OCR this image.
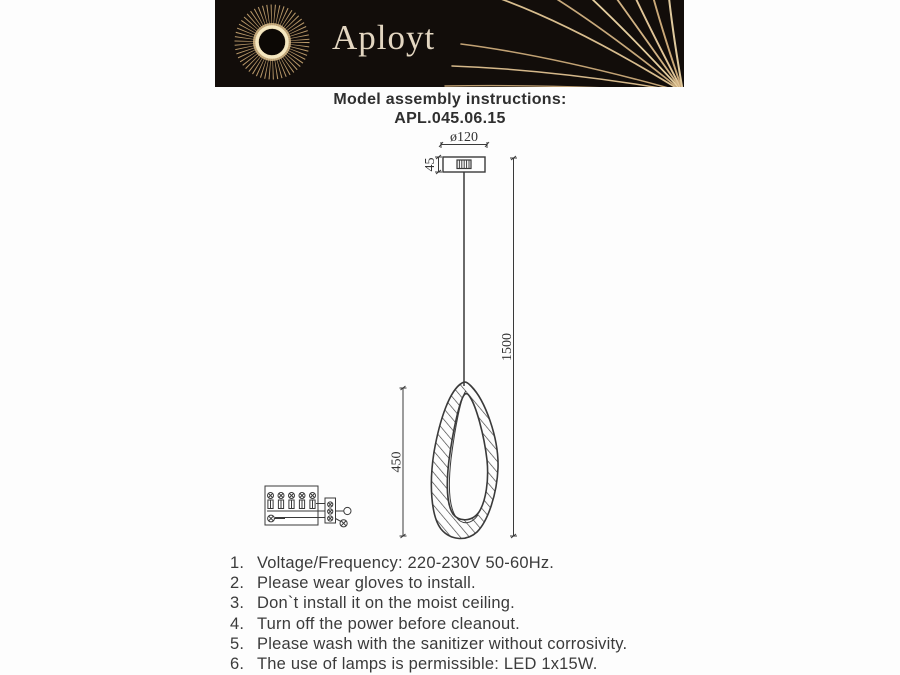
Aployt
Model assembly instructions:
APL.045.06.15
ø120
45
1500
450
1. Voltage/Frequency: 220-230V 50-60Hz.
2. Please wear gloves to install.
3. Don`t install it on the moist ceiling.
4. Turn off the power before cleanout.
5. Please wash with the sanitizer without corrosivity.
6. The use of lamps is permissible: LED 1x15W.
